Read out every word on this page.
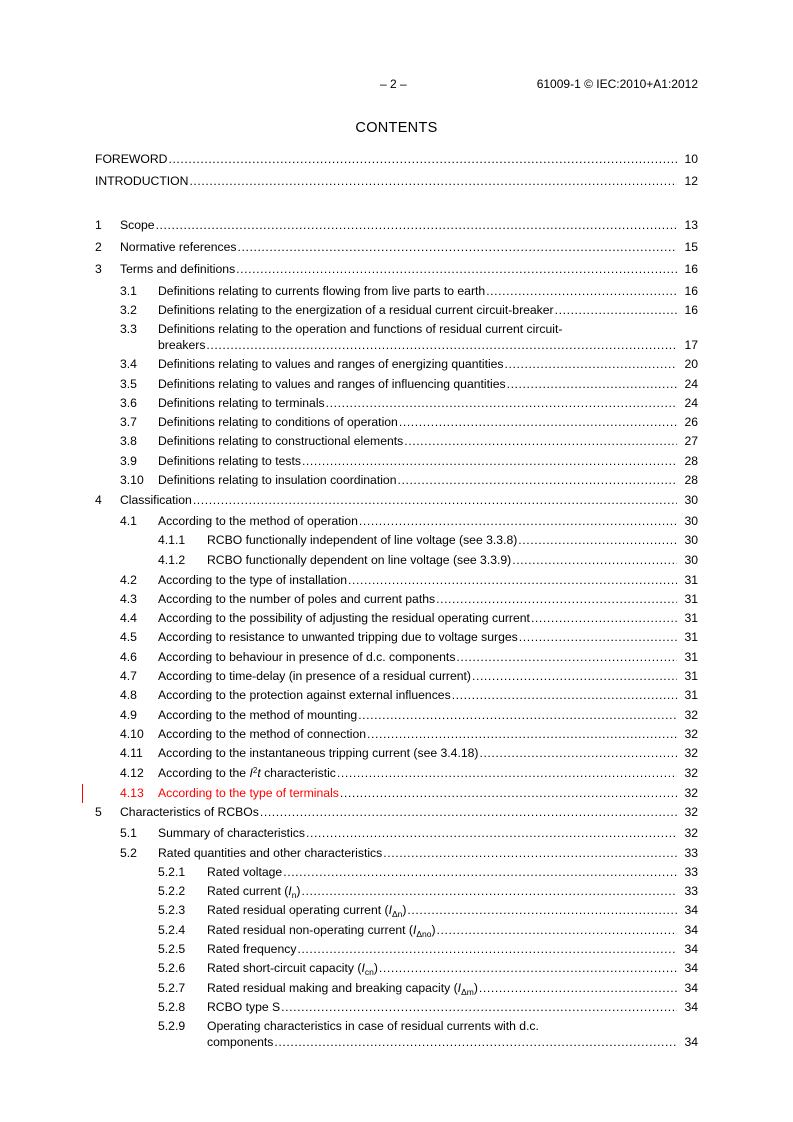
– 2 –	61009-1 © IEC:2010+A1:2012
CONTENTS
FOREWORD .....	10
INTRODUCTION .....	12
1 Scope .....	13
2 Normative references .....	15
3 Terms and definitions .....	16
3.1 Definitions relating to currents flowing from live parts to earth .....	16
3.2 Definitions relating to the energization of a residual current circuit-breaker .....	16
3.3 Definitions relating to the operation and functions of residual current circuit-
breakers .....	17
3.4 Definitions relating to values and ranges of energizing quantities .....	20
3.5 Definitions relating to values and ranges of influencing quantities .....	24
3.6 Definitions relating to terminals .....	24
3.7 Definitions relating to conditions of operation .....	26
3.8 Definitions relating to constructional elements .....	27
3.9 Definitions relating to tests .....	28
3.10 Definitions relating to insulation coordination .....	28
4 Classification .....	30
4.1 According to the method of operation .....	30
4.1.1 RCBO functionally independent of line voltage (see 3.3.8) .....	30
4.1.2 RCBO functionally dependent on line voltage (see 3.3.9) .....	30
4.2 According to the type of installation .....	31
4.3 According to the number of poles and current paths .....	31
4.4 According to the possibility of adjusting the residual operating current .....	31
4.5 According to resistance to unwanted tripping due to voltage surges .....	31
4.6 According to behaviour in presence of d.c. components .....	31
4.7 According to time-delay (in presence of a residual current) .....	31
4.8 According to the protection against external influences .....	31
4.9 According to the method of mounting .....	32
4.10 According to the method of connection .....	32
4.11 According to the instantaneous tripping current (see 3.4.18) .....	32
4.12 According to the $I^2t$ characteristic .....	32
4.13 According to the type of terminals .....	32
5 Characteristics of RCBOs .....	32
5.1 Summary of characteristics .....	32
5.2 Rated quantities and other characteristics .....	33
5.2.1 Rated voltage .....	33
5.2.2 Rated current $(I_n)$ .....	33
5.2.3 Rated residual operating current $(I_{\Delta n})$ .....	34
5.2.4 Rated residual non-operating current $(I_{\Delta no})$ .....	34
5.2.5 Rated frequency .....	34
5.2.6 Rated short-circuit capacity $(I_{cn})$ .....	34
5.2.7 Rated residual making and breaking capacity $(I_{\Delta m})$ .....	34
5.2.8 RCBO type S .....	34
5.2.9 Operating characteristics in case of residual currents with d.c.
components .....	34
